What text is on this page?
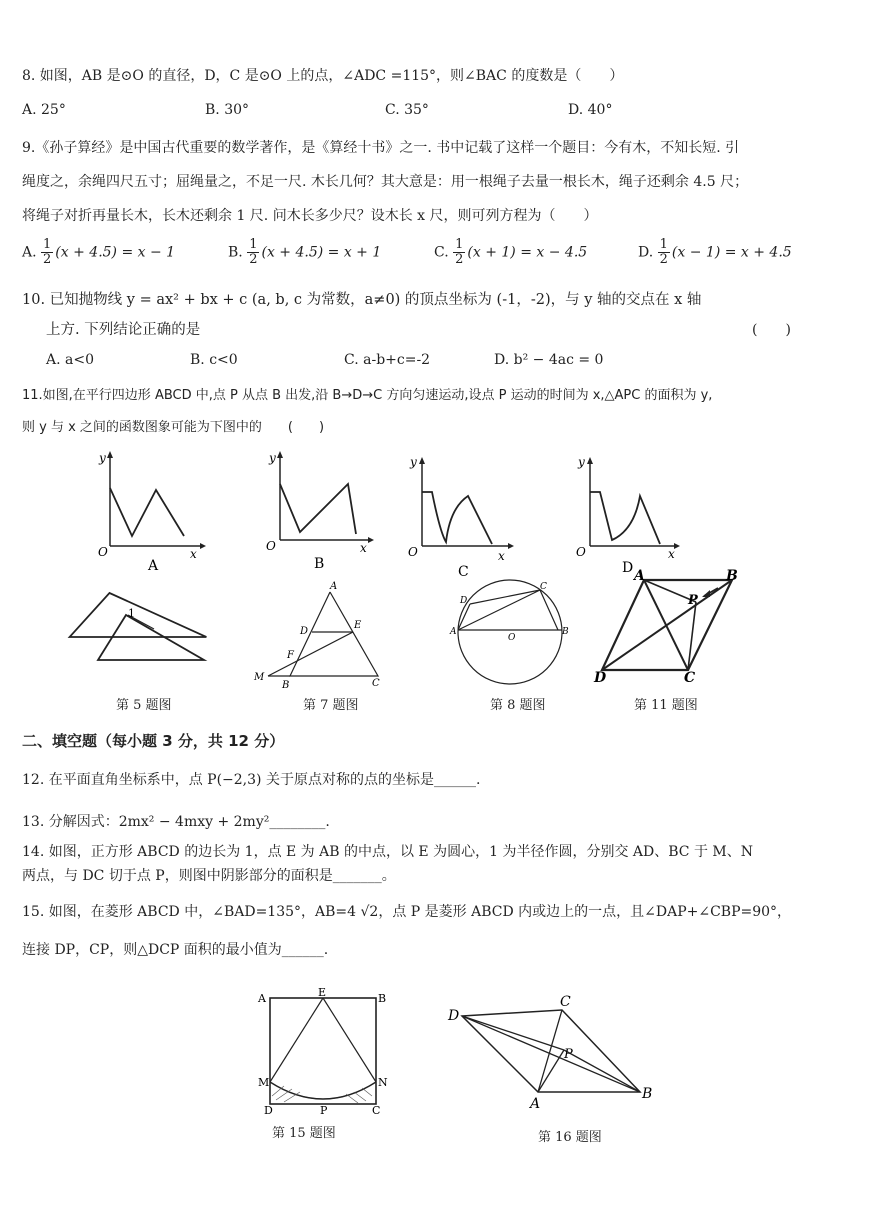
8. 如图，AB 是⊙O 的直径，D，C 是⊙O 上的点，∠ADC =115°，则∠BAC 的度数是（　　）
A. 25°	B. 30°	C. 35°	D. 40°
9.《孙子算经》是中国古代重要的数学著作，是《算经十书》之一. 书中记载了这样一个题目：今有木，不知长短. 引
绳度之，余绳四尺五寸；屈绳量之，不足一尺. 木长几何？其大意是：用一根绳子去量一根长木，绳子还剩余 4.5 尺；
将绳子对折再量长木，长木还剩余 1 尺. 问木长多少尺？设木长 x 尺，则可列方程为（　　）
A. $\frac{1}{2} (x + 4.5) = x - 1$	B. $\frac{1}{2} (x + 4.5) = x + 1$	C. $\frac{1}{2} (x + 1) = x - 4.5$	D. $\frac{1}{2} (x - 1) = x + 4.5$
10. 已知抛物线 y = ax² + bx + c (a, b, c 为常数，a≠0) 的顶点坐标为 (-1，-2)，与 y 轴的交点在 x 轴
上方. 下列结论正确的是	(　　)
A. a<0	B. c<0	C. a-b+c=-2	D. b² − 4ac = 0
11.如图,在平行四边形 ABCD 中,点 P 从点 B 出发,沿 B→D→C 方向匀速运动,设点 P 运动的时间为 x,△APC 的面积为 y,
则 y 与 x 之间的函数图象可能为下图中的　　(　　)
y
x
O
A
y
x
O
B
y
x
O
C
y
x
O
D
1
第 5 题图
A
D
E
F
M
B	C
第 7 题图
C
D
A
O
B
第 8 题图
A	B
P
D	C
第 11 题图
二、填空题（每小题 3 分，共 12 分）
12. 在平面直角坐标系中，点 P(−2,3) 关于原点对称的点的坐标是______.
13. 分解因式：2mx² − 4mxy + 2my²________.
14. 如图，正方形 ABCD 的边长为 1，点 E 为 AB 的中点，以 E 为圆心，1 为半径作圆，分别交 AD、BC 于 M、N
两点，与 DC 切于点 P，则图中阴影部分的面积是_______。
15. 如图，在菱形 ABCD 中，∠BAD=135°，AB=4 √2，点 P 是菱形 ABCD 内或边上的一点，且∠DAP+∠CBP=90°，
连接 DP，CP，则△DCP 面积的最小值为______.
A	E	B
M	N
D	P	C
第 15 题图
D
C
P
A
B
第 16 题图
